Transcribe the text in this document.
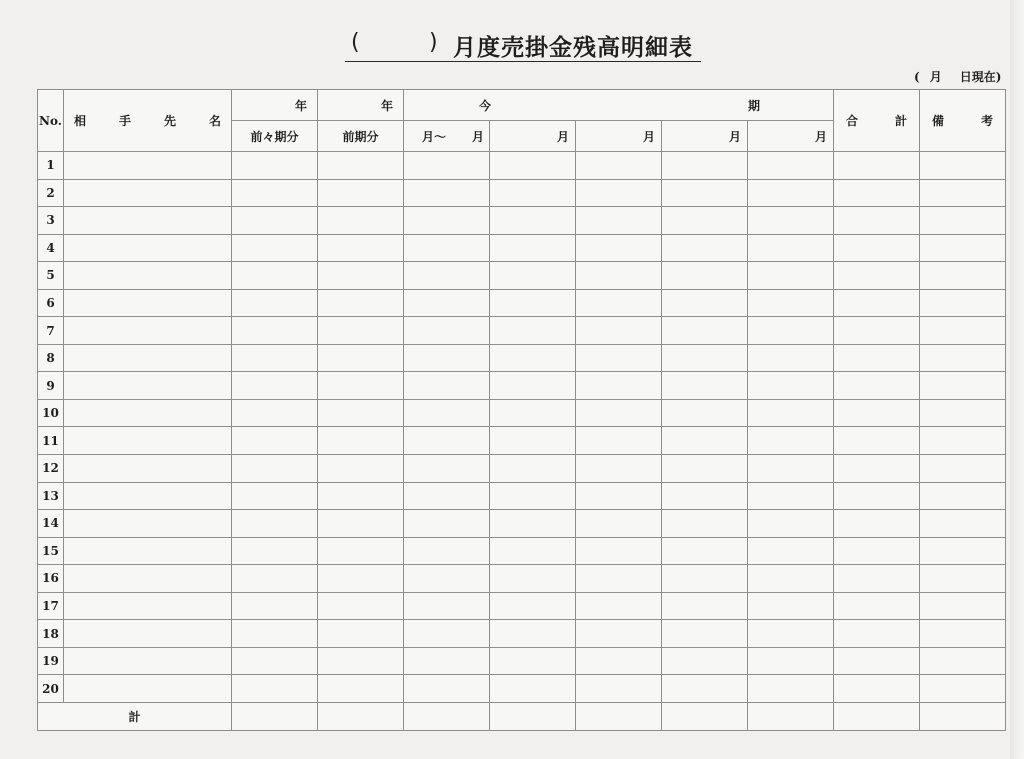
(	) 月度売掛金残高明細表
( 月 日現在)
No.	相 手 先 名	年	年	今 期					合 計	備 考
		前々期分	前期分	月〜 月	月	月	月	月		
1										
2										
3										
4										
5										
6										
7										
8										
9										
10										
11										
12										
13										
14										
15										
16										
17										
18										
19										
20										
計										
